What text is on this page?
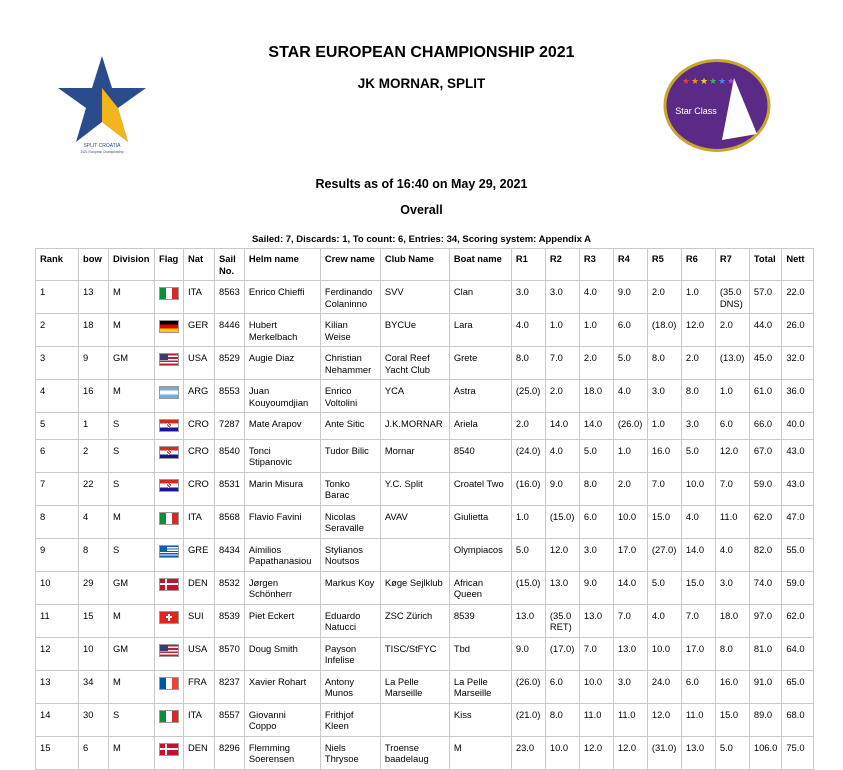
SPLIT CROATIA
2021 European Championship
★ ★ ★ ★ ★ ★
Star Class
STAR EUROPEAN CHAMPIONSHIP 2021
JK MORNAR, SPLIT
Results as of 16:40 on May 29, 2021
Overall
Sailed: 7, Discards: 1, To count: 6, Entries: 34, Scoring system: Appendix A
Rank	bow	Division	Flag	Nat	Sail No.	Helm name	Crew name	Club Name	Boat name	R1	R2	R3	R4	R5	R6	R7	Total	Nett
1	13	M		ITA	8563	Enrico Chieffi	Ferdinando Colaninno	SVV	Clan	3.0	3.0	4.0	9.0	2.0	1.0	(35.0 DNS)	57.0	22.0
2	18	M		GER	8446	Hubert Merkelbach	Kilian Weise	BYCUe	Lara	4.0	1.0	1.0	6.0	(18.0)	12.0	2.0	44.0	26.0
3	9	GM		USA	8529	Augie Diaz	Christian Nehammer	Coral Reef Yacht Club	Grete	8.0	7.0	2.0	5.0	8.0	2.0	(13.0)	45.0	32.0
4	16	M		ARG	8553	Juan Kouyoumdjian	Enrico Voltolini	YCA	Astra	(25.0)	2.0	18.0	4.0	3.0	8.0	1.0	61.0	36.0
5	1	S		CRO	7287	Mate Arapov	Ante Sitic	J.K.MORNAR	Ariela	2.0	14.0	14.0	(26.0)	1.0	3.0	6.0	66.0	40.0
6	2	S		CRO	8540	Tonci Stipanovic	Tudor Bilic	Mornar	8540	(24.0)	4.0	5.0	1.0	16.0	5.0	12.0	67.0	43.0
7	22	S		CRO	8531	Marin Misura	Tonko Barac	Y.C. Split	Croatel Two	(16.0)	9.0	8.0	2.0	7.0	10.0	7.0	59.0	43.0
8	4	M		ITA	8568	Flavio Favini	Nicolas Seravalle	AVAV	Giulietta	1.0	(15.0)	6.0	10.0	15.0	4.0	11.0	62.0	47.0
9	8	S		GRE	8434	Aimilios Papathanasiou	Stylianos Noutsos		Olympiacos	5.0	12.0	3.0	17.0	(27.0)	14.0	4.0	82.0	55.0
10	29	GM		DEN	8532	Jørgen Schönherr	Markus Koy	Køge Sejlklub	African Queen	(15.0)	13.0	9.0	14.0	5.0	15.0	3.0	74.0	59.0
11	15	M		SUI	8539	Piet Eckert	Eduardo Natucci	ZSC Zürich	8539	13.0	(35.0 RET)	13.0	7.0	4.0	7.0	18.0	97.0	62.0
12	10	GM		USA	8570	Doug Smith	Payson Infelise	TISC/StFYC	Tbd	9.0	(17.0)	7.0	13.0	10.0	17.0	8.0	81.0	64.0
13	34	M		FRA	8237	Xavier Rohart	Antony Munos	La Pelle Marseille	La Pelle Marseille	(26.0)	6.0	10.0	3.0	24.0	6.0	16.0	91.0	65.0
14	30	S		ITA	8557	Giovanni Coppo	Frithjof Kleen		Kiss	(21.0)	8.0	11.0	11.0	12.0	11.0	15.0	89.0	68.0
15	6	M		DEN	8296	Flemming Soerensen	Niels Thrysoe	Troense baadelaug	M	23.0	10.0	12.0	12.0	(31.0)	13.0	5.0	106.0	75.0
